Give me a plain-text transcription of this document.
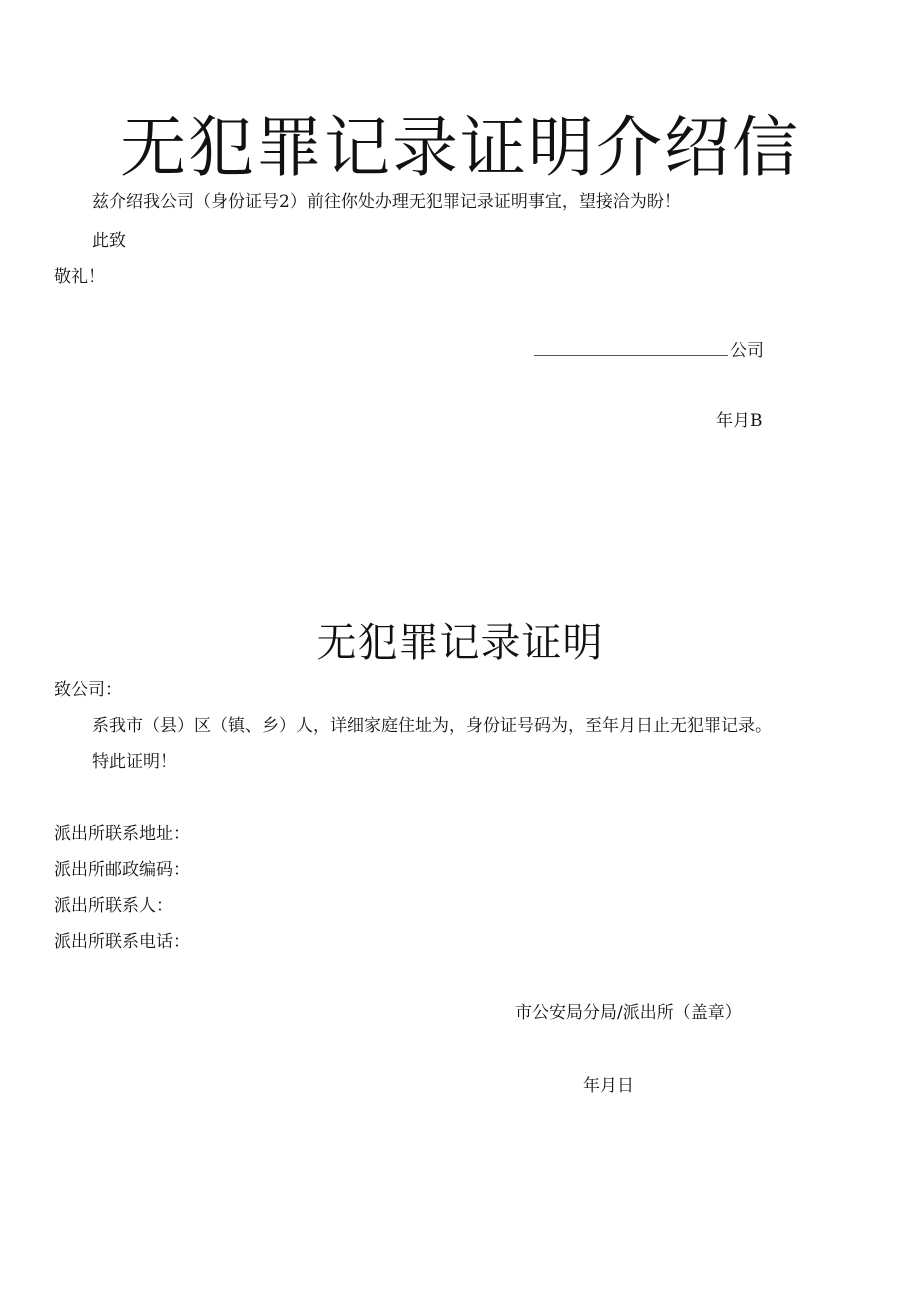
无犯罪记录证明介绍信
兹介绍我公司（身份证号2）前往你处办理无犯罪记录证明事宜，望接洽为盼！
此致
敬礼！
公司
年月B
无犯罪记录证明
致公司：
系我市（县）区（镇、乡）人，详细家庭住址为，身份证号码为，至年月日止无犯罪记录。
特此证明！
派出所联系地址：
派出所邮政编码：
派出所联系人：
派出所联系电话：
市公安局分局/派出所（盖章）
年月日
